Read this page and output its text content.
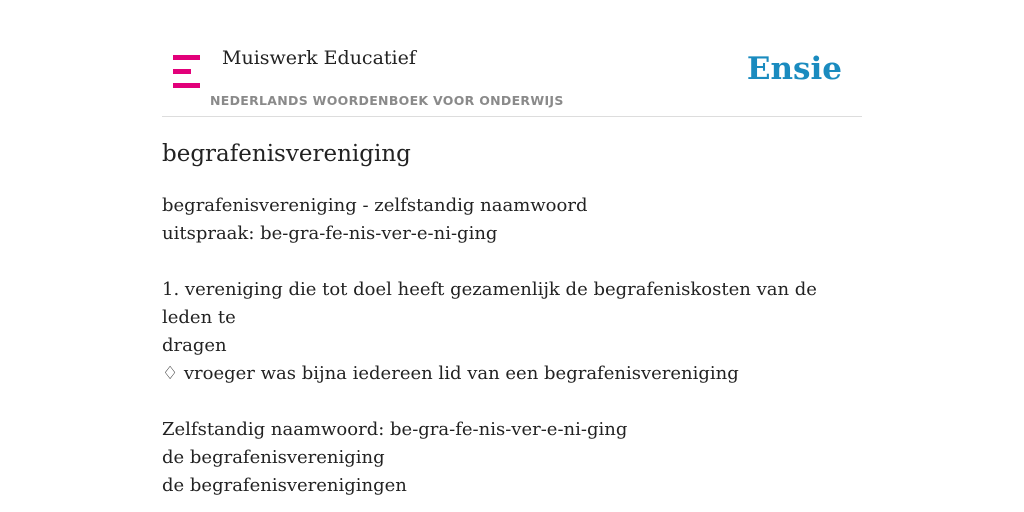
Muiswerk Educatief
NEDERLANDS WOORDENBOEK VOOR ONDERWIJS
Ensie
begrafenisvereniging
begrafenisvereniging - zelfstandig naamwoord
uitspraak: be-gra-fe-nis-ver-e-ni-ging
1. vereniging die tot doel heeft gezamenlijk de begrafeniskosten van de leden te
dragen
♢ vroeger was bijna iedereen lid van een begrafenisvereniging
Zelfstandig naamwoord: be-gra-fe-nis-ver-e-ni-ging
de begrafenisvereniging
de begrafenisverenigingen
